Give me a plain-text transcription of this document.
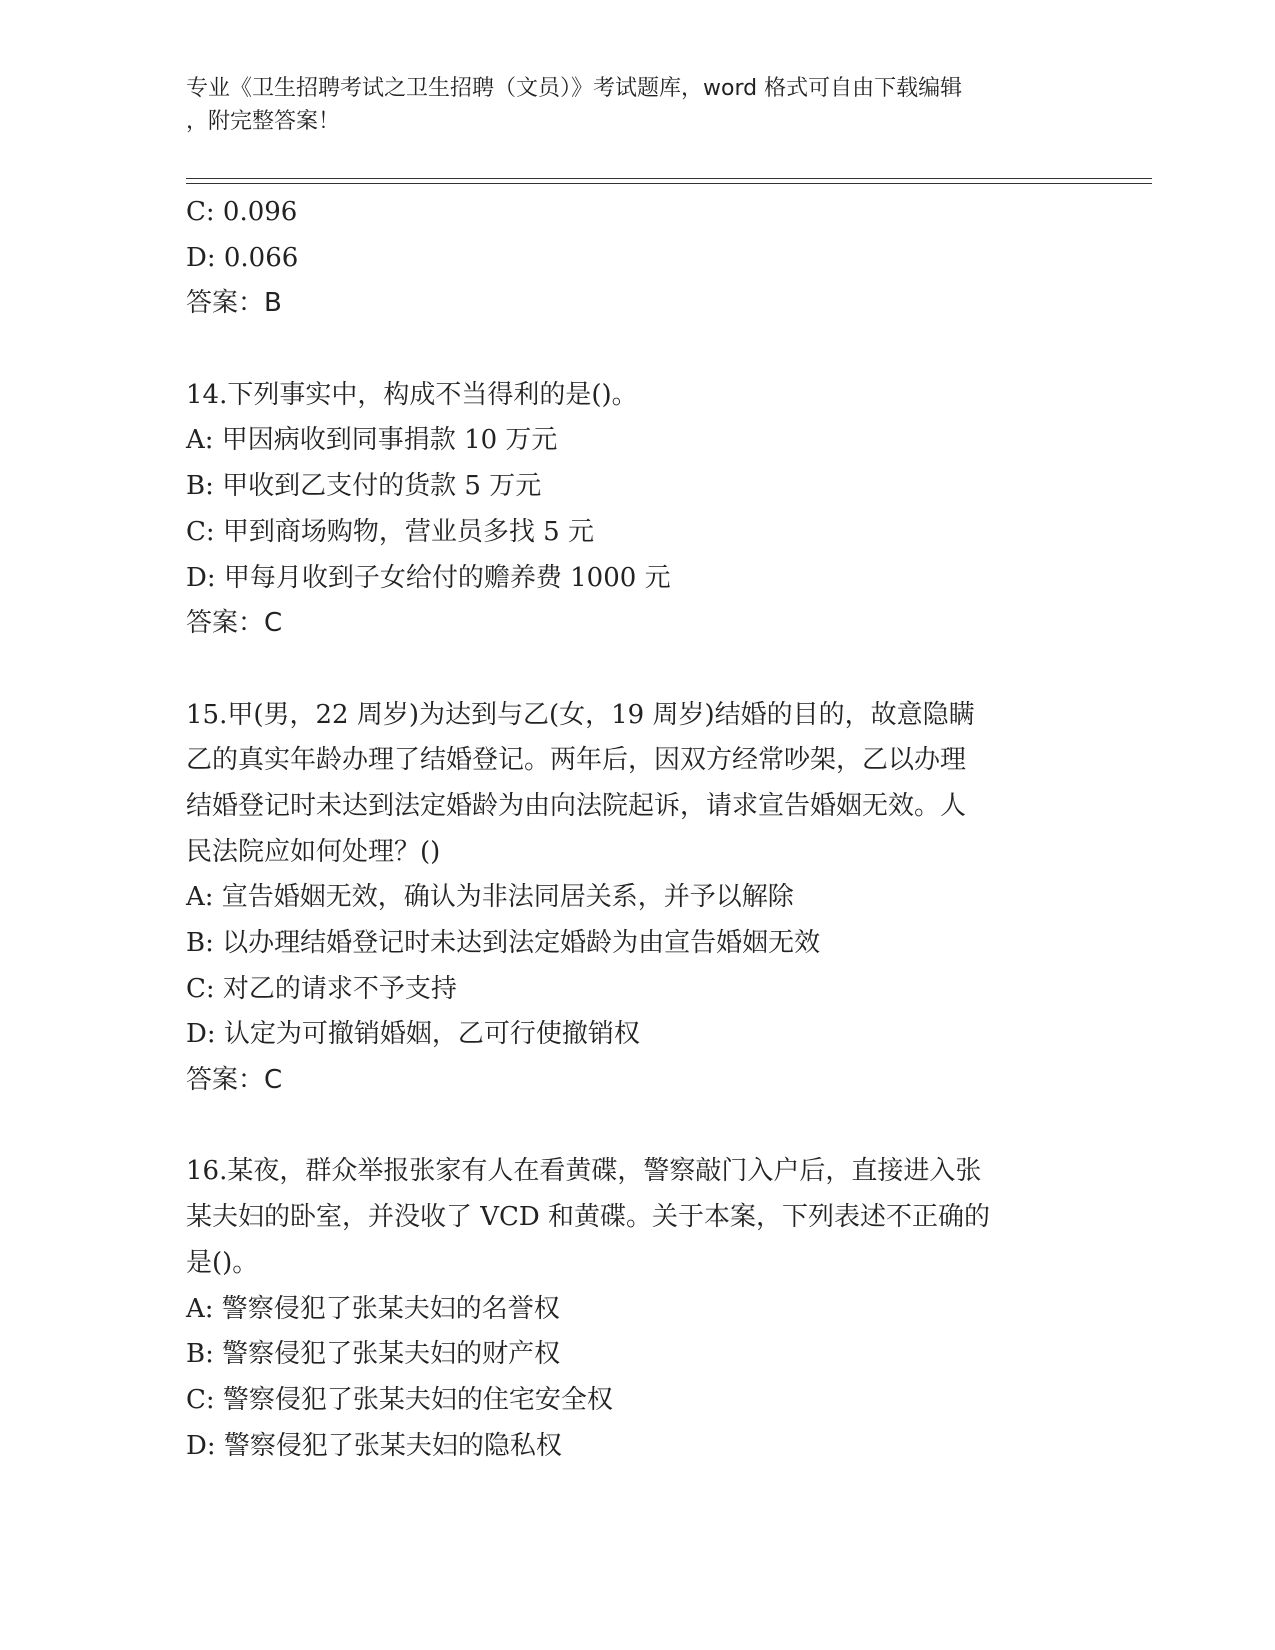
专业《卫生招聘考试之卫生招聘（文员）》考试题库，word 格式可自由下载编辑
，附完整答案！
C: 0.096
D: 0.066
答案：B
14.下列事实中，构成不当得利的是()。
A: 甲因病收到同事捐款 10 万元
B: 甲收到乙支付的货款 5 万元
C: 甲到商场购物，营业员多找 5 元
D: 甲每月收到子女给付的赡养费 1000 元
答案：C
15.甲(男，22 周岁)为达到与乙(女，19 周岁)结婚的目的，故意隐瞒
乙的真实年龄办理了结婚登记。两年后，因双方经常吵架，乙以办理
结婚登记时未达到法定婚龄为由向法院起诉，请求宣告婚姻无效。人
民法院应如何处理？()
A: 宣告婚姻无效，确认为非法同居关系，并予以解除
B: 以办理结婚登记时未达到法定婚龄为由宣告婚姻无效
C: 对乙的请求不予支持
D: 认定为可撤销婚姻，乙可行使撤销权
答案：C
16.某夜，群众举报张家有人在看黄碟，警察敲门入户后，直接进入张
某夫妇的卧室，并没收了 VCD 和黄碟。关于本案，下列表述不正确的
是()。
A: 警察侵犯了张某夫妇的名誉权
B: 警察侵犯了张某夫妇的财产权
C: 警察侵犯了张某夫妇的住宅安全权
D: 警察侵犯了张某夫妇的隐私权
